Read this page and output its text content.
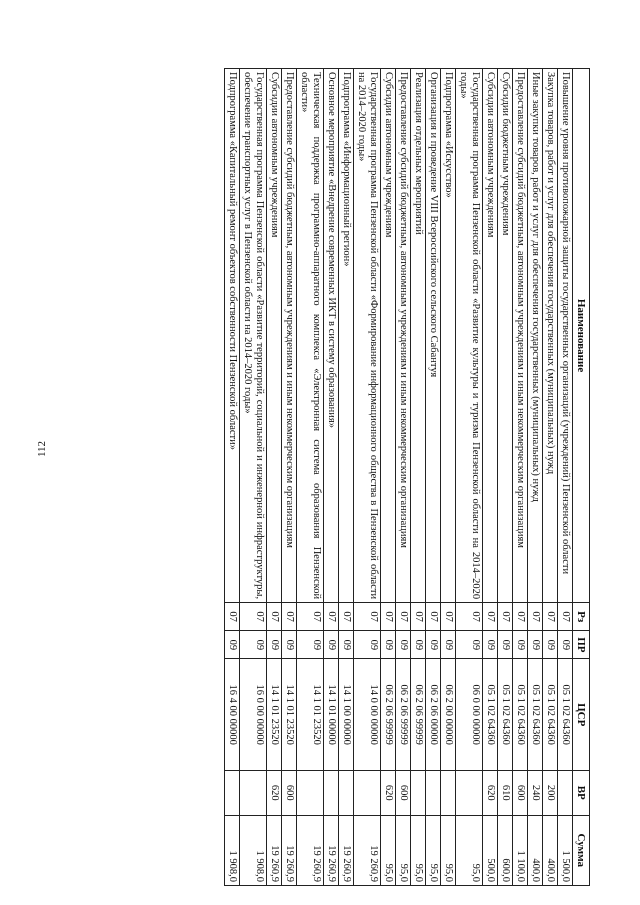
112
Наименование	Рз	ПР	ЦСР	ВР	Сумма
Повышение уровня противопожарной защиты государственных организаций (учреждений) Пензенской области	07	09	05 1 02 64360		1 500,0
Закупка товаров, работ и услуг для обеспечения государственных (муниципальных) нужд	07	09	05 1 02 64360	200	400,0
Иные закупки товаров, работ и услуг для обеспечения государственных (муниципальных) нужд	07	09	05 1 02 64360	240	400,0
Предоставление субсидий бюджетным, автономным учреждениям и иным некоммерческим организациям	07	09	05 1 02 64360	600	1 100,0
Субсидии бюджетным учреждениям	07	09	05 1 02 64360	610	600,0
Субсидии автономным учреждениям	07	09	05 1 02 64360	620	500,0
Государственная программа Пензенской области «Развитие культуры и туризма Пензенской области на 2014–2020 годы»	07	09	06 0 00 00000		95,0
Подпрограмма «Искусство»	07	09	06 2 00 00000		95,0
Организация и проведение VIII Всероссийского сельского Сабантуя	07	09	06 2 06 00000		95,0
Реализация отдельных мероприятий	07	09	06 2 06 99999		95,0
Предоставление субсидий бюджетным, автономным учреждениям и иным некоммерческим организациям	07	09	06 2 06 99999	600	95,0
Субсидии автономным учреждениям	07	09	06 2 06 99999	620	95,0
Государственная программа Пензенской области «Формирование информационного общества в Пензенской области на 2014–2020 годы»	07	09	14 0 00 00000		19 260,9
Подпрограмма «Информационный регион»	07	09	14 1 00 00000		19 260,9
Основное мероприятие «Внедрение современных ИКТ в систему образования»	07	09	14 1 01 00000		19 260,9
Техническая поддержка программно-аппаратного комплекса «Электронная система образования Пензенской области»	07	09	14 1 01 23520		19 260,9
Предоставление субсидий бюджетным, автономным учреждениям и иным некоммерческим организациям	07	09	14 1 01 23520	600	19 260,9
Субсидии автономным учреждениям	07	09	14 1 01 23520	620	19 260,9
Государственная программа Пензенской области «Развитие территорий, социальной и инженерной инфраструктуры, обеспечение транспортных услуг в Пензенской области на 2014–2020 годы»	07	09	16 0 00 00000		1 908,0
Подпрограмма «Капитальный ремонт объектов собственности Пензенской области»	07	09	16 4 00 00000		1 908,0
